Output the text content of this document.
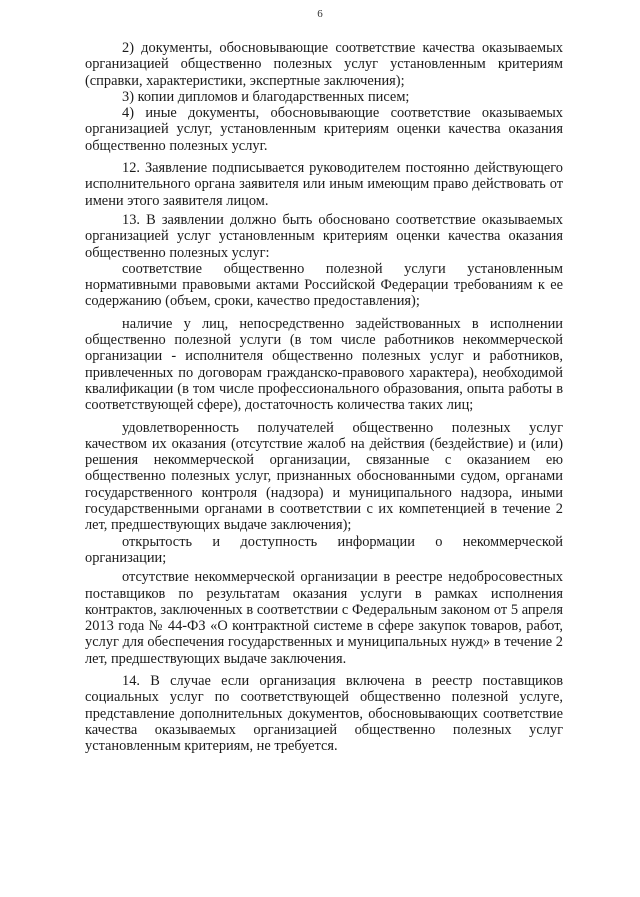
6

2) документы, обосновывающие соответствие качества оказываемых организацией общественно полезных услуг установленным критериям (справки, характеристики, экспертные заключения);

3) копии дипломов и благодарственных писем;

4) иные документы, обосновывающие соответствие оказываемых организацией услуг, установленным критериям оценки качества оказания общественно полезных услуг.

12. Заявление подписывается руководителем постоянно действующего исполнительного органа заявителя или иным имеющим право действовать от имени этого заявителя лицом.

13. В заявлении должно быть обосновано соответствие оказываемых организацией услуг установленным критериям оценки качества оказания общественно полезных услуг:

соответствие общественно полезной услуги установленным нормативными правовыми актами Российской Федерации требованиям к ее содержанию (объем, сроки, качество предоставления);

наличие у лиц, непосредственно задействованных в исполнении общественно полезной услуги (в том числе работников некоммерческой организации - исполнителя общественно полезных услуг и работников, привлеченных по договорам гражданско-правового характера), необходимой квалификации (в том числе профессионального образования, опыта работы в соответствующей сфере), достаточность количества таких лиц;

удовлетворенность получателей общественно полезных услуг качеством их оказания (отсутствие жалоб на действия (бездействие) и (или) решения некоммерческой организации, связанные с оказанием ею общественно полезных услуг, признанных обоснованными судом, органами государственного контроля (надзора) и муниципального надзора, иными государственными органами в соответствии с их компетенцией в течение 2 лет, предшествующих выдаче заключения);

открытость и доступность информации о некоммерческой организации;

отсутствие некоммерческой организации в реестре недобросовестных поставщиков по результатам оказания услуги в рамках исполнения контрактов, заключенных в соответствии с Федеральным законом от 5 апреля 2013 года № 44-ФЗ «О контрактной системе в сфере закупок товаров, работ, услуг для обеспечения государственных и муниципальных нужд» в течение 2 лет, предшествующих выдаче заключения.

14. В случае если организация включена в реестр поставщиков социальных услуг по соответствующей общественно полезной услуге, представление дополнительных документов, обосновывающих соответствие качества оказываемых организацией общественно полезных услуг установленным критериям, не требуется.
